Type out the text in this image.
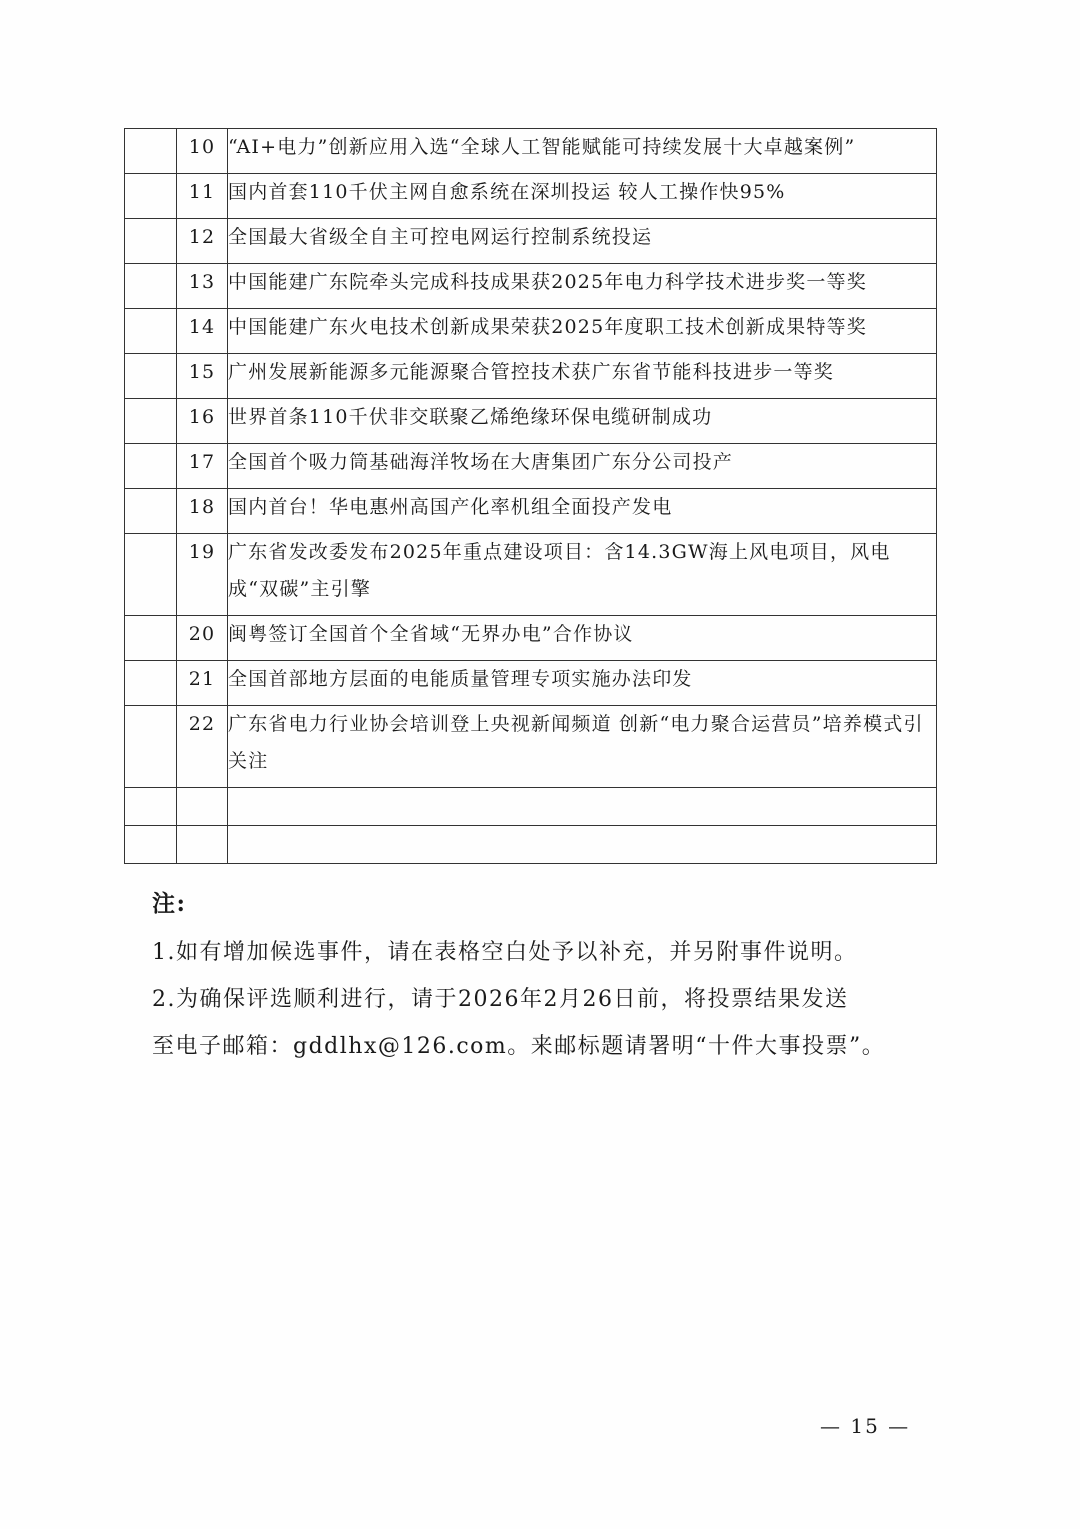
	10	“AI+电力”创新应用入选“全球人工智能赋能可持续发展十大卓越案例”
	11	国内首套110千伏主网自愈系统在深圳投运 较人工操作快95%
	12	全国最大省级全自主可控电网运行控制系统投运
	13	中国能建广东院牵头完成科技成果获2025年电力科学技术进步奖一等奖
	14	中国能建广东火电技术创新成果荣获2025年度职工技术创新成果特等奖
	15	广州发展新能源多元能源聚合管控技术获广东省节能科技进步一等奖
	16	世界首条110千伏非交联聚乙烯绝缘环保电缆研制成功
	17	全国首个吸力筒基础海洋牧场在大唐集团广东分公司投产
	18	国内首台！华电惠州高国产化率机组全面投产发电
	19	广东省发改委发布2025年重点建设项目：含14.3GW海上风电项目，风电成“双碳”主引擎
	20	闽粤签订全国首个全省域“无界办电”合作协议
	21	全国首部地方层面的电能质量管理专项实施办法印发
	22	广东省电力行业协会培训登上央视新闻频道 创新“电力聚合运营员”培养模式引关注

注:
1.如有增加候选事件，请在表格空白处予以补充，并另附事件说明。
2.为确保评选顺利进行，请于2026年2月26日前，将投票结果发送
至电子邮箱：gddlhx@126.com。来邮标题请署明“十件大事投票”。
— 15 —
